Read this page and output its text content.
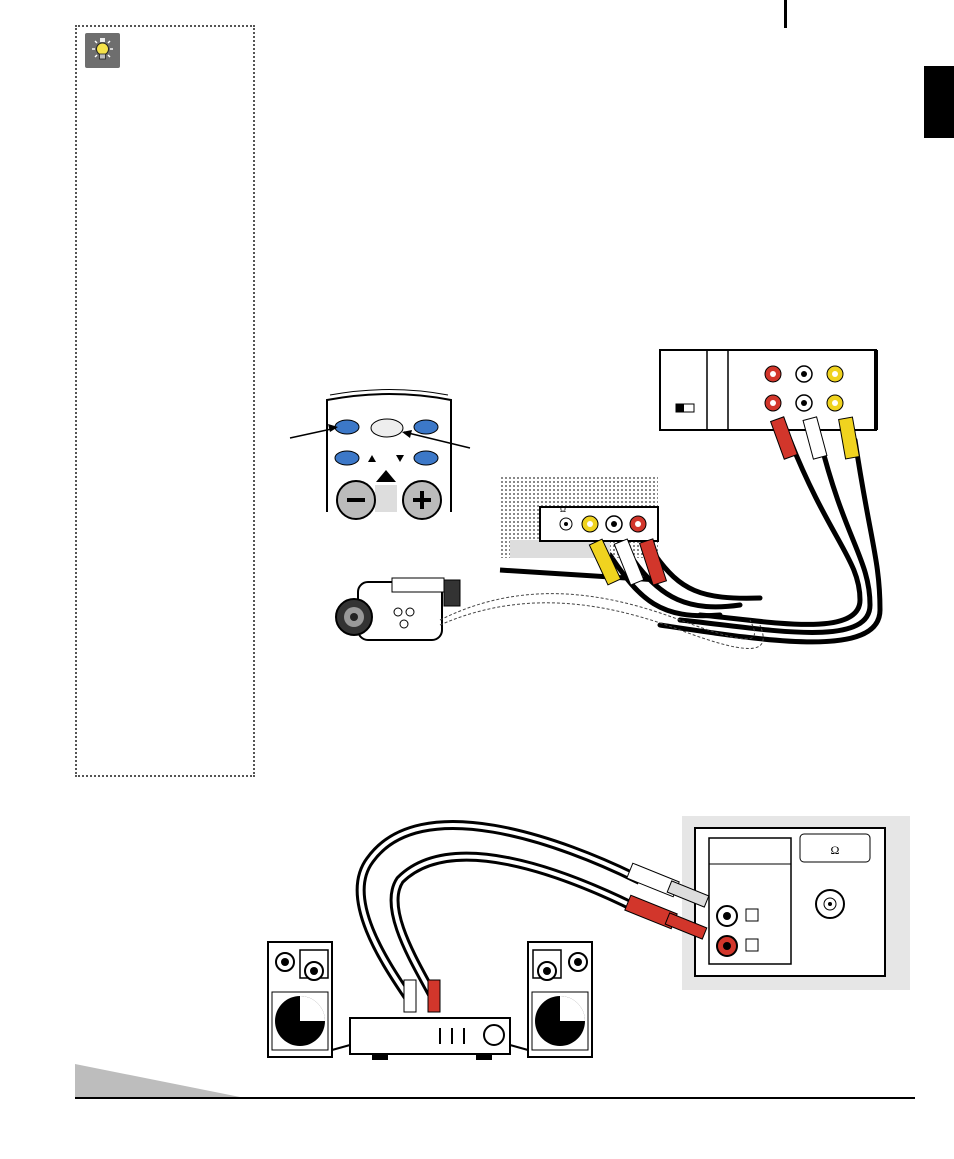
Ω
Ω
